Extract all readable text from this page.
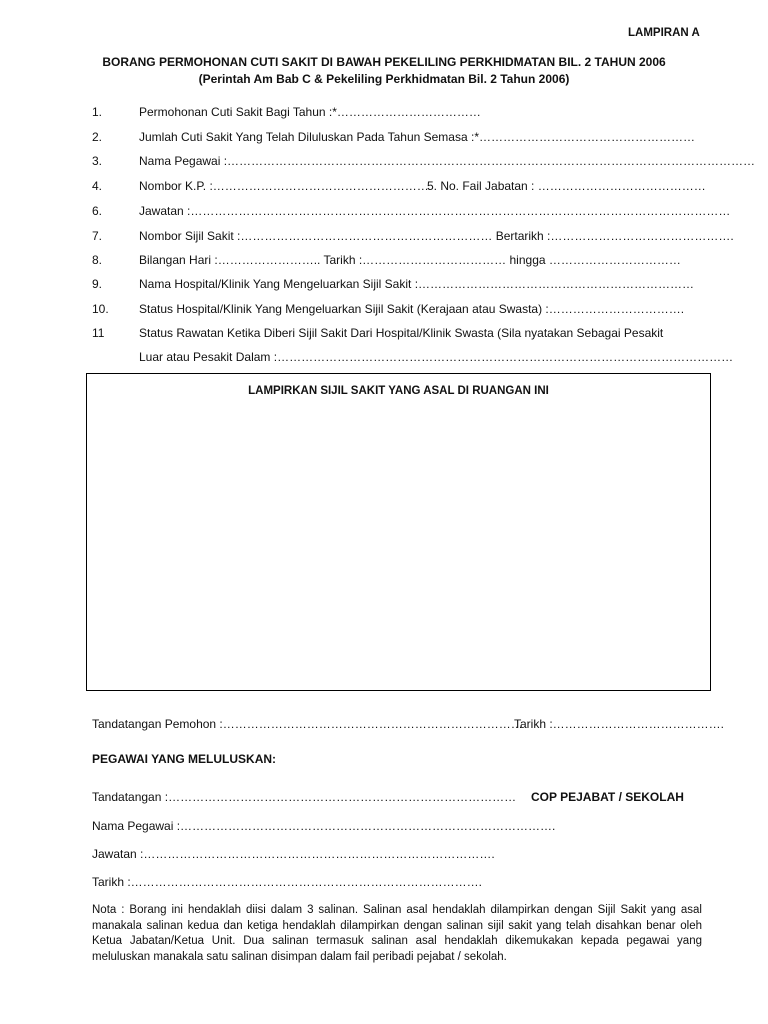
LAMPIRAN A
BORANG PERMOHONAN CUTI SAKIT DI BAWAH PEKELILING PERKHIDMATAN BIL. 2 TAHUN 2006
(Perintah Am Bab C & Pekeliling Perkhidmatan Bil. 2 Tahun 2006)
1.	Permohonan Cuti Sakit Bagi Tahun :*………………………………
2.	Jumlah Cuti Sakit Yang Telah Diluluskan Pada Tahun Semasa :*………………………………………………
3.	Nama Pegawai :……………………………………………………………………………………………………………………
4.	Nombor K.P. :………………………………………………
5. No. Fail Jabatan : ……………………………………
6.	Jawatan :………………………………………………………………………………………………………………………
7.	Nombor Sijil Sakit :……………………………………………………… Bertarikh :……………………………………….
8.	Bilangan Hari :…………………….. Tarikh :……………………………… hingga ……………………………
9.	Nama Hospital/Klinik Yang Mengeluarkan Sijil Sakit :……………………………………………………………
10.	Status Hospital/Klinik Yang Mengeluarkan Sijil Sakit (Kerajaan atau Swasta) :…………………………….
11	Status Rawatan Ketika Diberi Sijil Sakit Dari Hospital/Klinik Swasta (Sila nyatakan Sebagai Pesakit
Luar atau Pesakit Dalam :……………………………………………………………………………………………………
LAMPIRKAN SIJIL SAKIT YANG ASAL DI RUANGAN INI
Tandatangan Pemohon :…………………………………………………………………
Tarikh :…………………………………….
PEGAWAI YANG MELULUSKAN:
Tandatangan :…………………………………………………………………………… COP PEJABAT / SEKOLAH
Nama Pegawai :………………………………………………………………………………….
Jawatan :…………………………………………………………………………….
Tarikh :…………………………………………………………………………….
Nota : Borang ini hendaklah diisi dalam 3 salinan. Salinan asal hendaklah dilampirkan dengan Sijil Sakit yang asal manakala salinan kedua dan ketiga hendaklah dilampirkan dengan salinan sijil sakit yang telah disahkan benar oleh Ketua Jabatan/Ketua Unit. Dua salinan termasuk salinan asal hendaklah dikemukakan kepada pegawai yang meluluskan manakala satu salinan disimpan dalam fail peribadi pejabat / sekolah.
